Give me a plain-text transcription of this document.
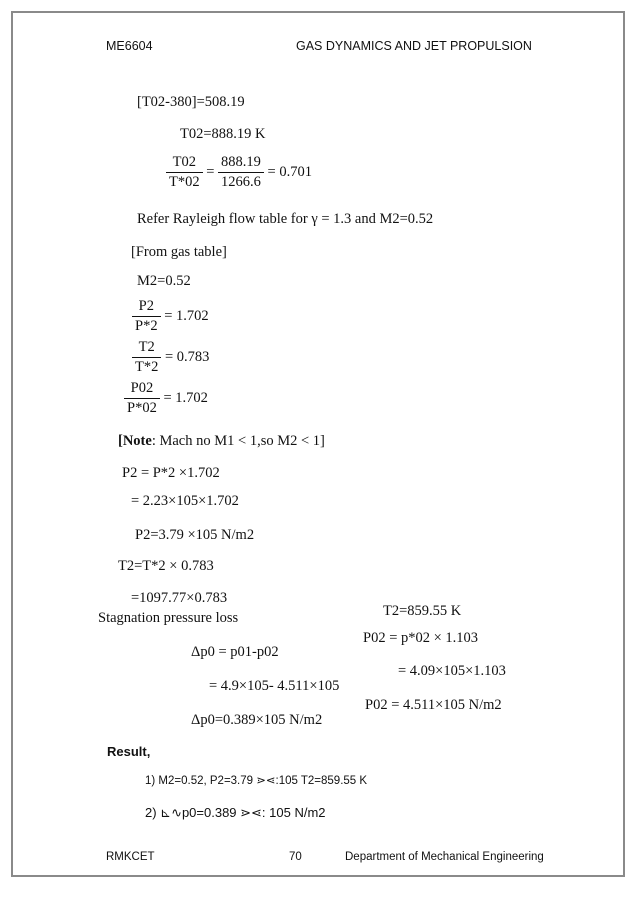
ME6604	GAS DYNAMICS AND JET PROPULSION
[T02-380]=508.19
T02=888.19 K
$\frac{T02}{T*02} = \frac{888.19}{1266.6} = 0.701$
Refer Rayleigh flow table for γ = 1.3 and M2=0.52
[From gas table]
M2=0.52
$\frac{P2}{P*2} = 1.702$
$\frac{T2}{T*2} = 0.783$
$\frac{P02}{P*02} = 1.702$
[Note: Mach no M1 < 1,so M2 < 1]
P2 = P*2 ×1.702
= 2.23×105×1.702
P2=3.79 ×105 N/m2
T2=T*2 × 0.783
=1097.77×0.783
Stagnation pressure loss
Δp0 = p01-p02
= 4.9×105- 4.511×105
Δp0=0.389×105 N/m2
T2=859.55 K
P02 = p*02 × 1.103
= 4.09×105×1.103
P02 = 4.511×105 N/m2
Result,
1) M2=0.52, P2=3.79 ⋗⋖:105 T2=859.55 K
2) ⊾∿p0=0.389 ⋗⋖: 105 N/m2
RMKCET	70	Department of Mechanical Engineering
